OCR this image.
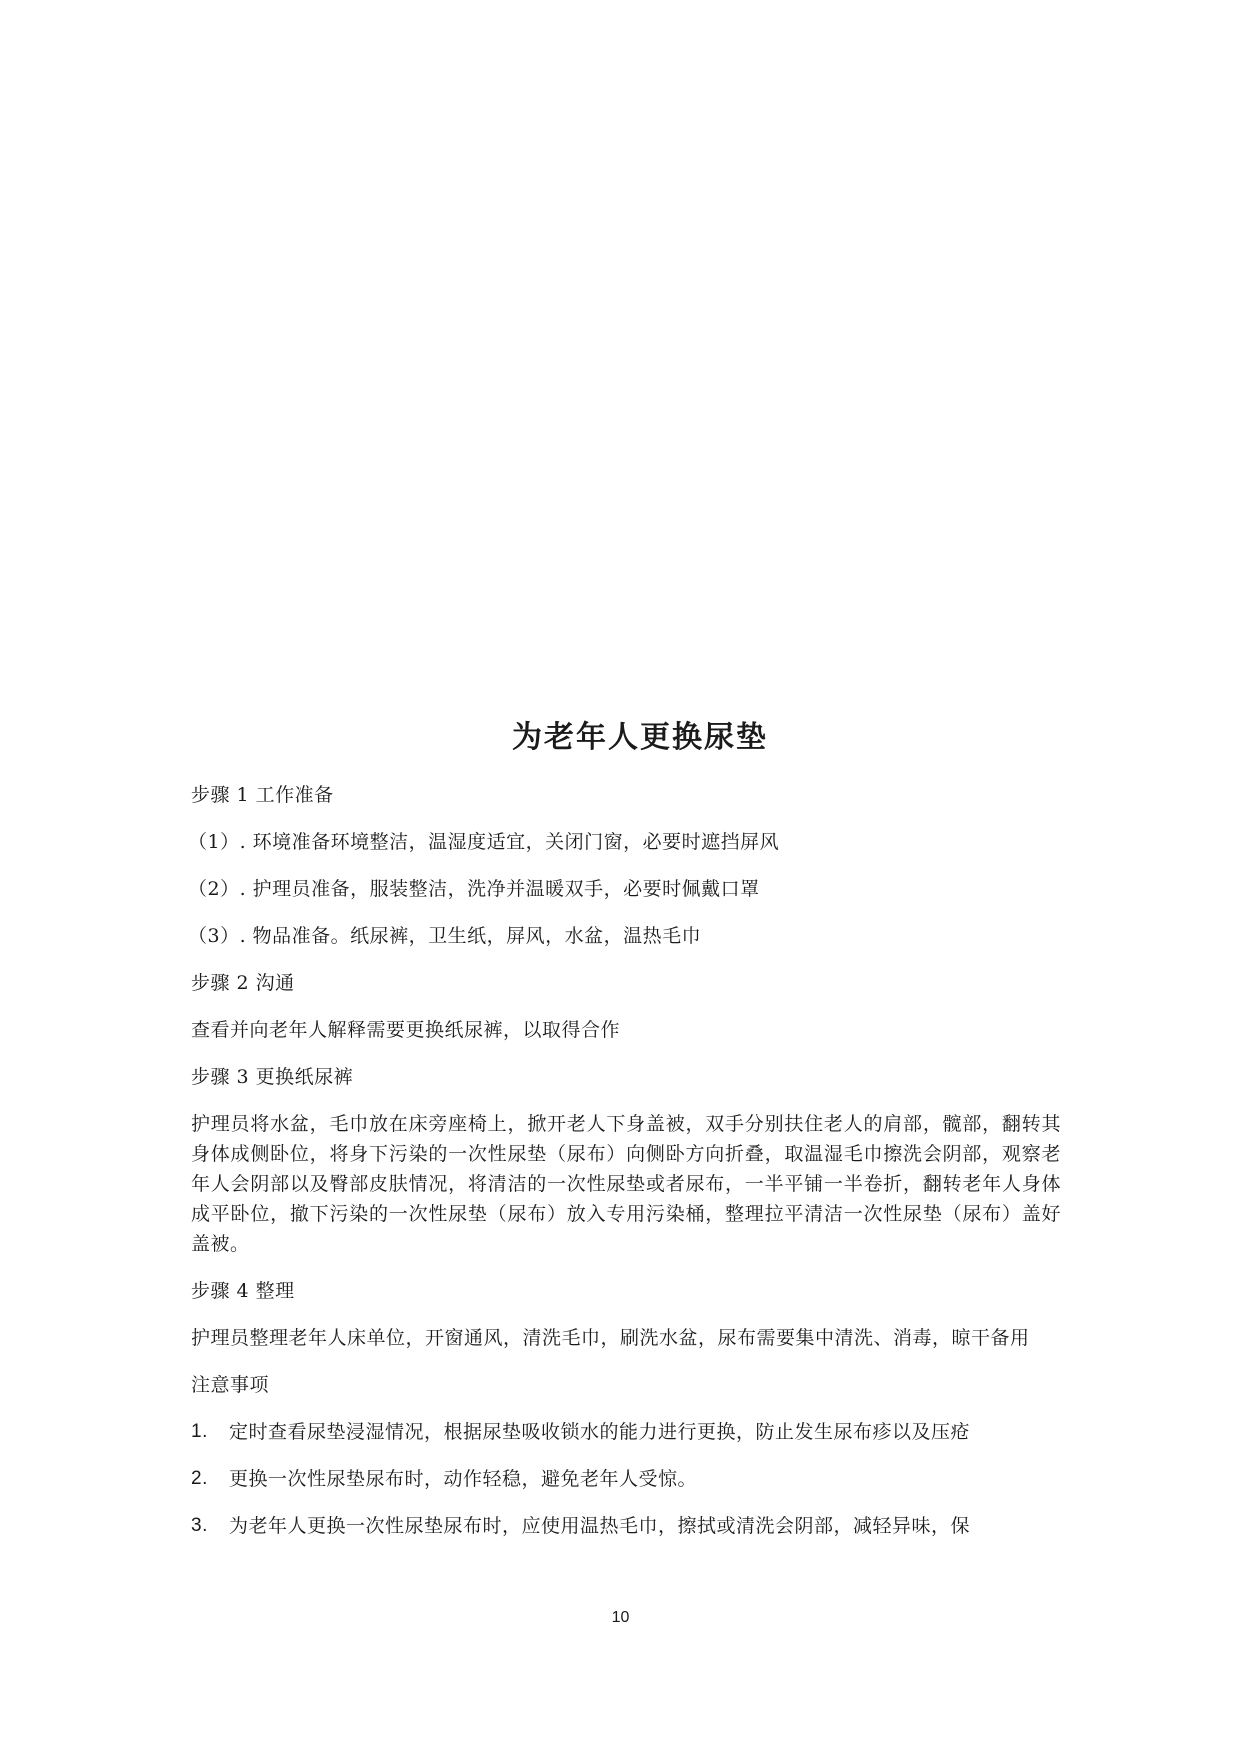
为老年人更换尿垫

步骤 1 工作准备

（1）. 环境准备环境整洁，温湿度适宜，关闭门窗，必要时遮挡屏风

（2）. 护理员准备，服装整洁，洗净并温暖双手，必要时佩戴口罩

（3）. 物品准备。纸尿裤，卫生纸，屏风，水盆，温热毛巾

步骤 2 沟通

查看并向老年人解释需要更换纸尿裤，以取得合作

步骤 3 更换纸尿裤

护理员将水盆，毛巾放在床旁座椅上，掀开老人下身盖被，双手分别扶住老人的肩部，髋部，翻转其身体成侧卧位，将身下污染的一次性尿垫（尿布）向侧卧方向折叠，取温湿毛巾擦洗会阴部，观察老年人会阴部以及臀部皮肤情况，将清洁的一次性尿垫或者尿布，一半平铺一半卷折，翻转老年人身体成平卧位，撤下污染的一次性尿垫（尿布）放入专用污染桶，整理拉平清洁一次性尿垫（尿布）盖好盖被。

步骤 4 整理

护理员整理老年人床单位，开窗通风，清洗毛巾，刷洗水盆，尿布需要集中清洗、消毒，晾干备用

注意事项

1.	定时查看尿垫浸湿情况，根据尿垫吸收锁水的能力进行更换，防止发生尿布疹以及压疮

2.	更换一次性尿垫尿布时，动作轻稳，避免老年人受惊。

3.	为老年人更换一次性尿垫尿布时，应使用温热毛巾，擦拭或清洗会阴部，减轻异味，保

10
